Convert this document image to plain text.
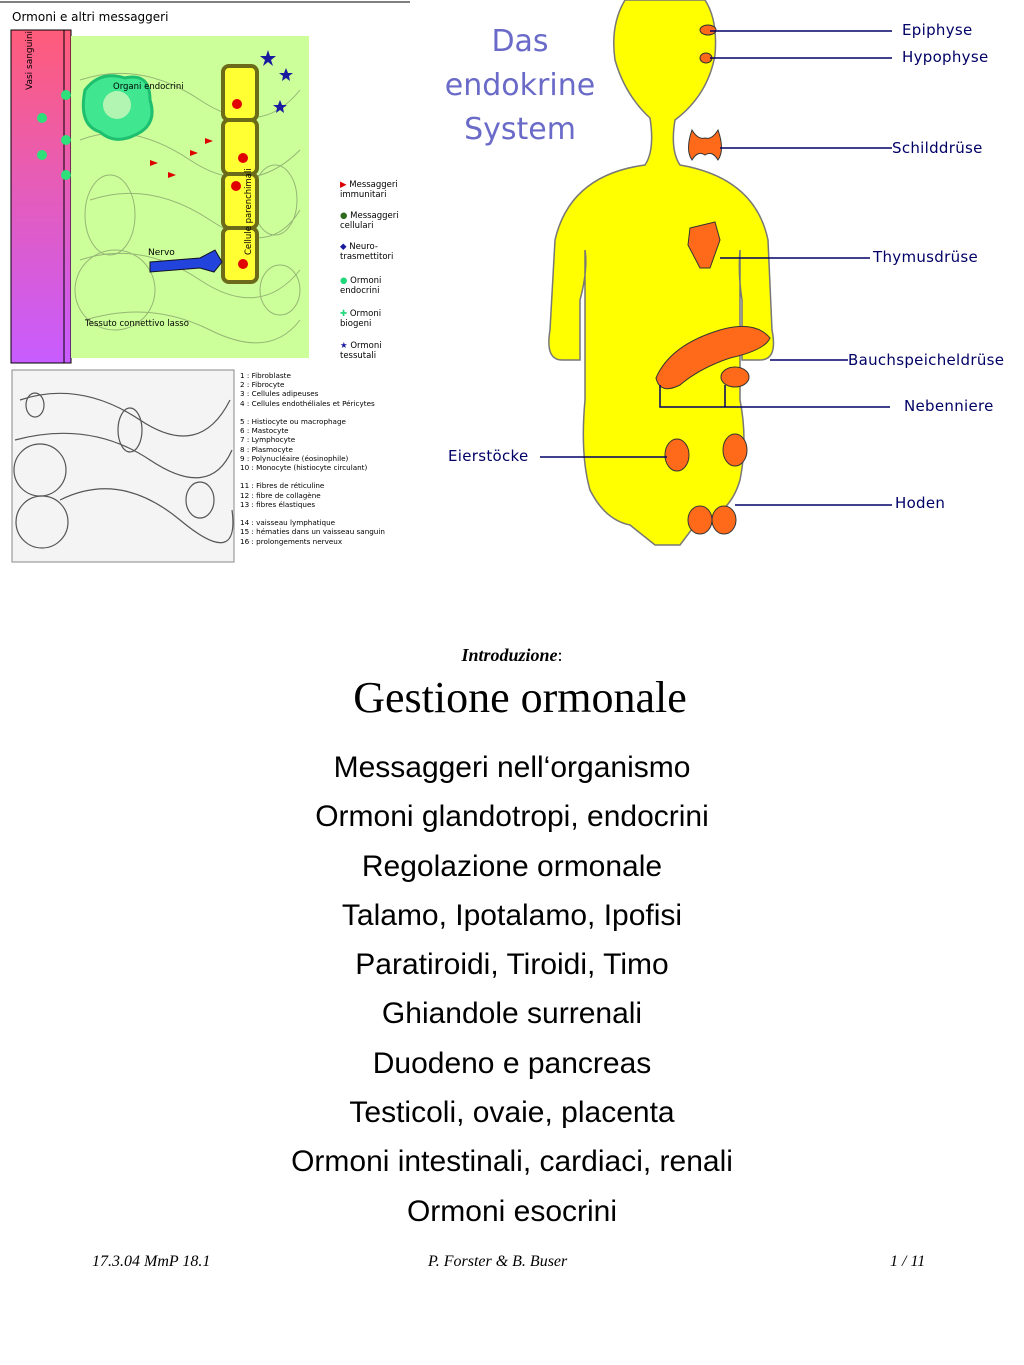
Organi endocrini
Nervo
Tessuto connettivo lasso
Cellule parenchimali
Vasi sanguini
Ormoni e altri messaggeri
▶ Messaggeri immunitari
● Messaggeri cellulari
◆ Neuro-trasmettitori
● Ormoni endocrini
✚ Ormoni biogeni
★ Ormoni tessutali
1 : Fibroblaste
2 : Fibrocyte
3 : Cellules adipeuses
4 : Cellules endothéliales et Péricytes

5 : Histiocyte ou macrophage
6 : Mastocyte
7 : Lymphocyte
8 : Plasmocyte
9 : Polynucléaire (éosinophile)
10 : Monocyte (histiocyte circulant)

11 : Fibres de réticuline
12 : fibre de collagène
13 : fibres élastiques

14 : vaisseau lymphatique
15 : hématies dans un vaisseau sanguin
16 : prolongements nerveux
Das
endokrine
System
Epiphyse
Hypophyse
Schilddrüse
Thymusdrüse
Bauchspeicheldrüse
Nebenniere
Eierstöcke
Hoden
Introduzione:
Gestione ormonale
Messaggeri nell‘organismo
Ormoni glandotropi, endocrini
Regolazione ormonale
Talamo, Ipotalamo, Ipofisi
Paratiroidi, Tiroidi, Timo
Ghiandole surrenali
Duodeno e pancreas
Testicoli, ovaie, placenta
Ormoni intestinali, cardiaci, renali
Ormoni esocrini
17.3.04 MmP 18.1	P. Forster & B. Buser	1 / 11
